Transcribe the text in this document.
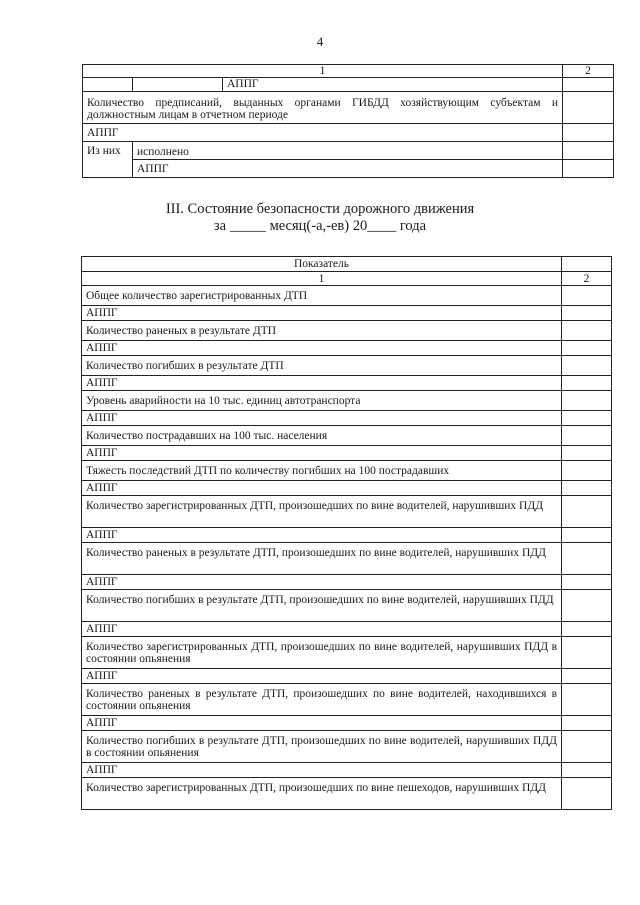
4
1			2
		АППГ	
Количество предписаний, выданных органами ГИБДД хозяйствующим субъектам и должностным лицам в отчетном периоде			
АППГ			
Из них	исполнено		
	АППГ		
III. Состояние безопасности дорожного движения
за _____ месяц(-а,-ев) 20____ года
Показатель	
1	2
Общее количество зарегистрированных ДТП	
АППГ	
Количество раненых в результате ДТП	
АППГ	
Количество погибших в результате ДТП	
АППГ	
Уровень аварийности на 10 тыс. единиц автотранспорта	
АППГ	
Количество пострадавших на 100 тыс. населения	
АППГ	
Тяжесть последствий ДТП по количеству погибших на 100 пострадавших	
АППГ	
Количество зарегистрированных ДТП, произошедших по вине водителей, нарушивших ПДД	
АППГ	
Количество раненых в результате ДТП, произошедших по вине водителей, нарушивших ПДД	
АППГ	
Количество погибших в результате ДТП, произошедших по вине водителей, нарушивших ПДД	
АППГ	
Количество зарегистрированных ДТП, произошедших по вине водителей, нарушивших ПДД в состоянии опьянения	
АППГ	
Количество раненых в результате ДТП, произошедших по вине водителей, находившихся в состоянии опьянения	
АППГ	
Количество погибших в результате ДТП, произошедших по вине водителей, нарушивших ПДД в состоянии опьянения	
АППГ	
Количество зарегистрированных ДТП, произошедших по вине пешеходов, нарушивших ПДД	
